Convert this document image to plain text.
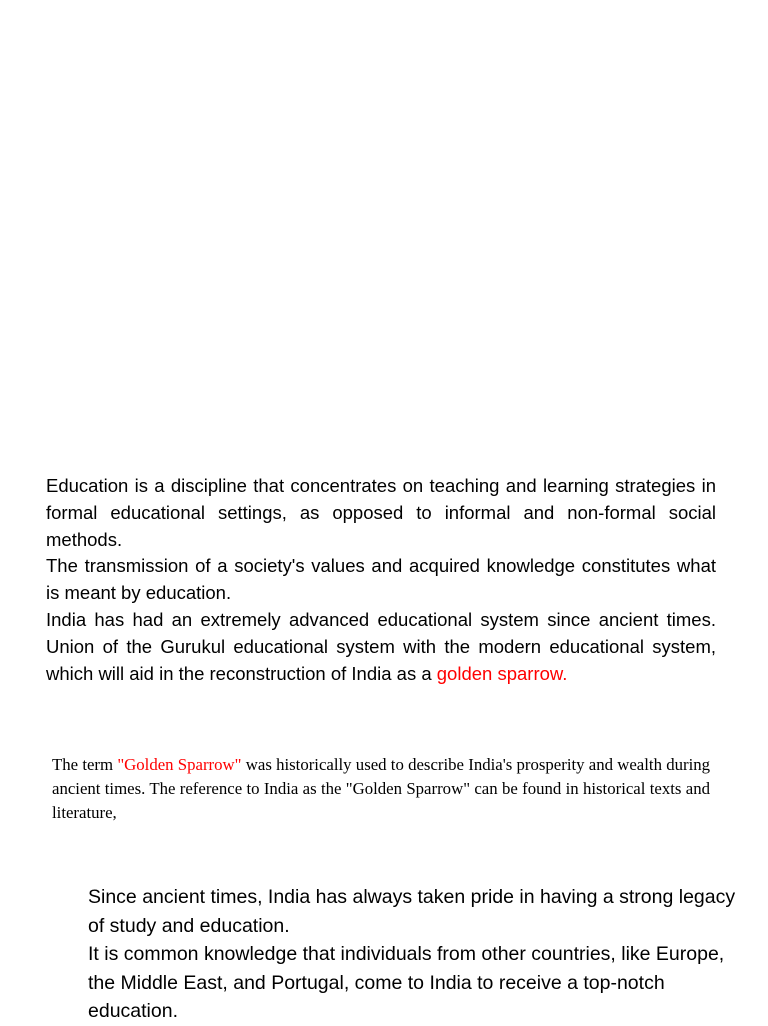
Education is a discipline that concentrates on teaching and learning strategies in formal educational settings, as opposed to informal and non-formal social methods.

The transmission of a society's values and acquired knowledge constitutes what is meant by education.

India has had an extremely advanced educational system since ancient times. Union of the Gurukul educational system with the modern educational system, which will aid in the reconstruction of India as a golden sparrow.

The term "Golden Sparrow" was historically used to describe India's prosperity and wealth during ancient times. The reference to India as the "Golden Sparrow" can be found in historical texts and literature,

Since ancient times, India has always taken pride in having a strong legacy of study and education.

It is common knowledge that individuals from other countries, like Europe, the Middle East, and Portugal, come to India to receive a top-notch education.
